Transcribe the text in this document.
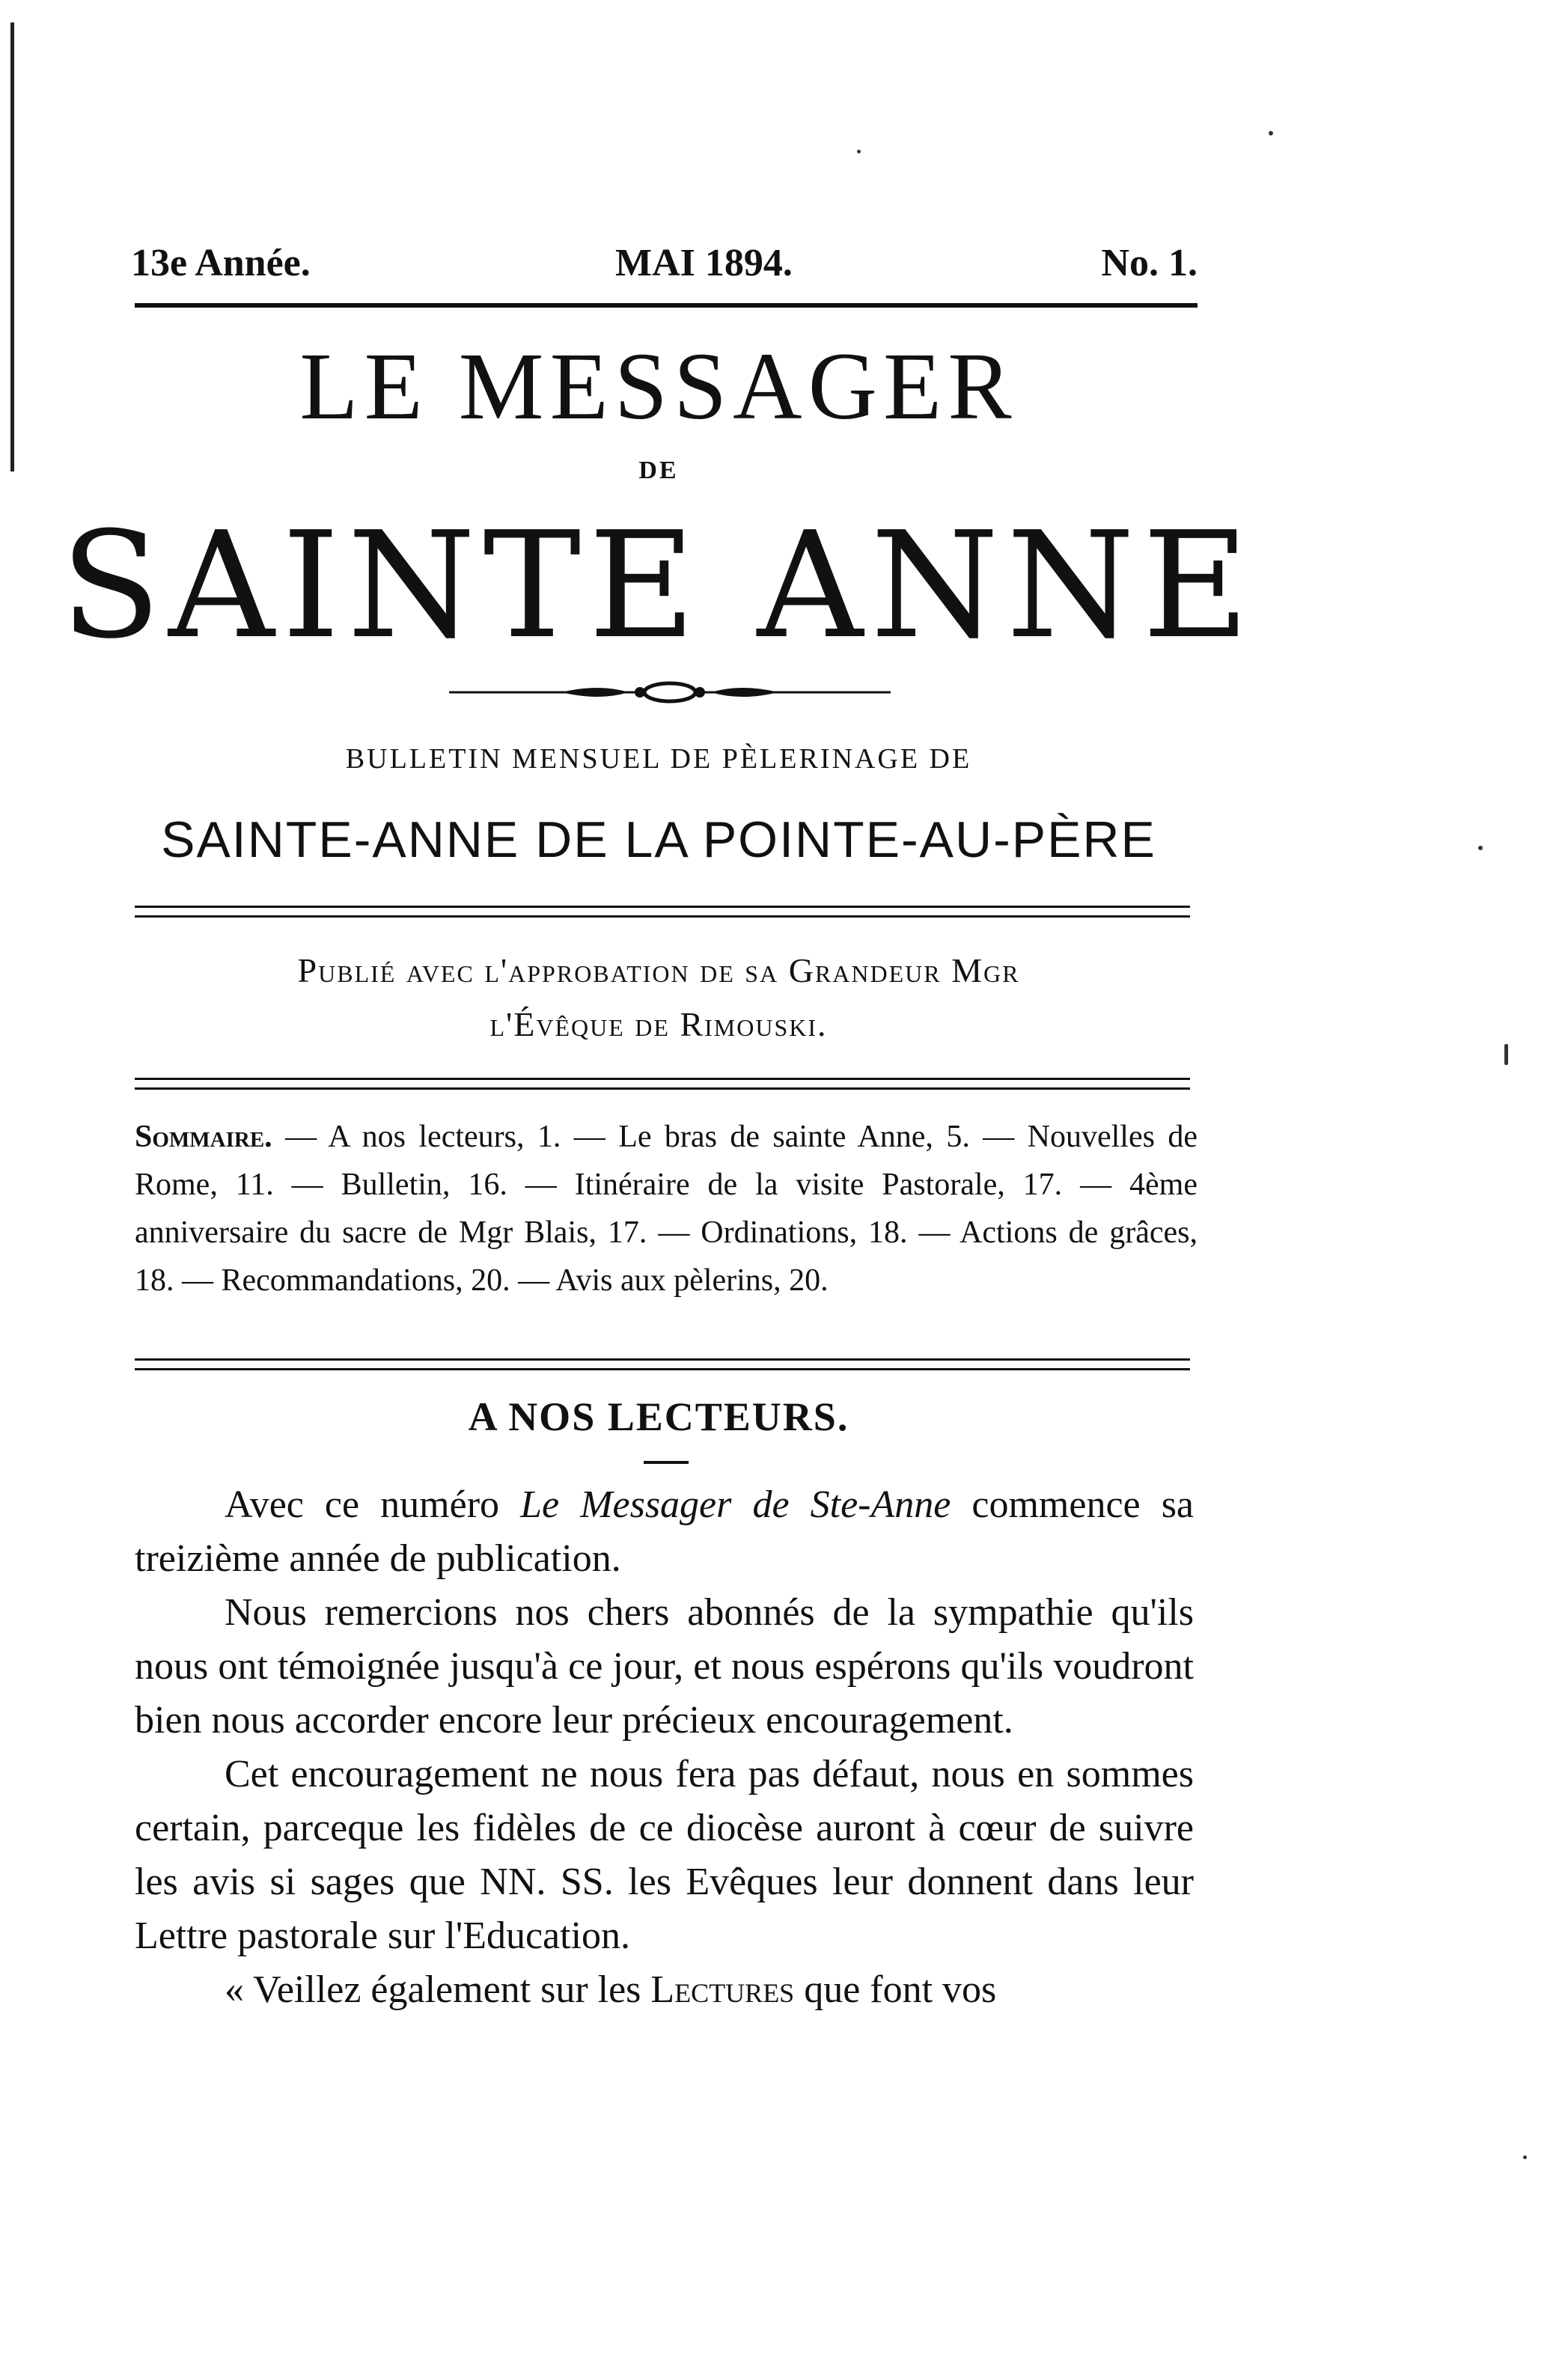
13e Année.	MAI 1894.	No. 1.
LE MESSAGER
DE
SAINTE ANNE
BULLETIN MENSUEL DE PÈLERINAGE DE
SAINTE-ANNE DE LA POINTE-AU-PÈRE
Publié avec l'approbation de sa Grandeur Mgr
l'Évêque de Rimouski.
Sommaire. — A nos lecteurs, 1. — Le bras de sainte Anne, 5. — Nouvelles de Rome, 11. — Bulletin, 16. — Itinéraire de la visite Pastorale, 17. — 4ème anniversaire du sacre de Mgr Blais, 17. — Ordinations, 18. — Actions de grâces, 18. — Recommandations, 20. — Avis aux pèlerins, 20.
A NOS LECTEURS.

Avec ce numéro Le Messager de Ste-Anne commence sa treizième année de publication.

Nous remercions nos chers abonnés de la sympathie qu'ils nous ont témoignée jusqu'à ce jour, et nous espérons qu'ils voudront bien nous accorder encore leur précieux encouragement.

Cet encouragement ne nous fera pas défaut, nous en sommes certain, parceque les fidèles de ce diocèse auront à cœur de suivre les avis si sages que NN. SS. les Evêques leur donnent dans leur Lettre pastorale sur l'Education.

« Veillez également sur les Lectures que font vos
